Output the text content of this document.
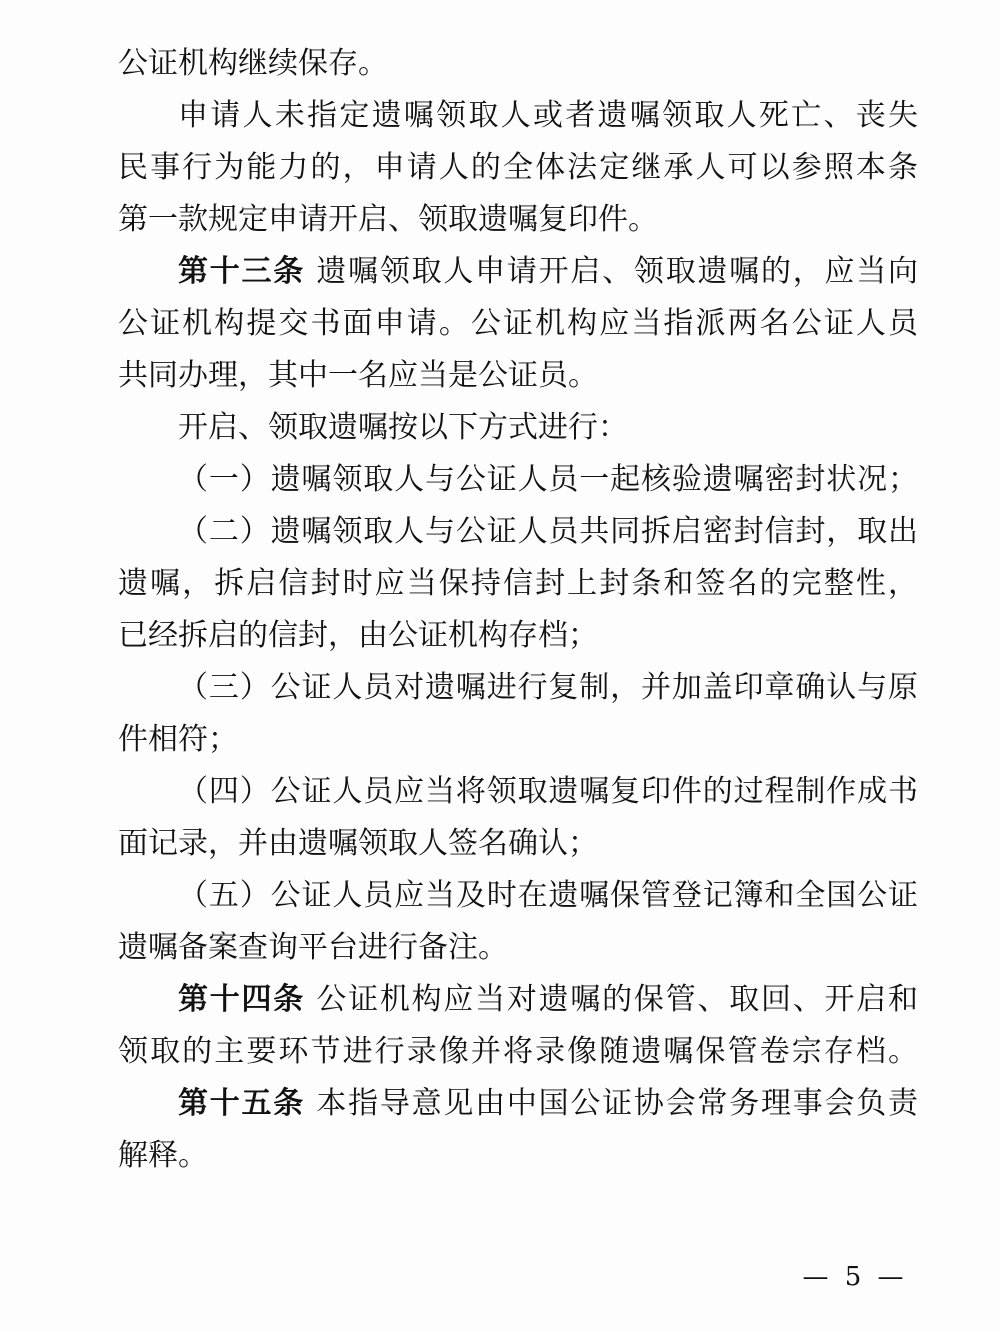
公证机构继续保存。
申请人未指定遗嘱领取人或者遗嘱领取人死亡、丧失
民事行为能力的，申请人的全体法定继承人可以参照本条
第一款规定申请开启、领取遗嘱复印件。
第十三条 遗嘱领取人申请开启、领取遗嘱的，应当向
公证机构提交书面申请。公证机构应当指派两名公证人员
共同办理，其中一名应当是公证员。
开启、领取遗嘱按以下方式进行：
（一）遗嘱领取人与公证人员一起核验遗嘱密封状况；
（二）遗嘱领取人与公证人员共同拆启密封信封，取出
遗嘱，拆启信封时应当保持信封上封条和签名的完整性，
已经拆启的信封，由公证机构存档；
（三）公证人员对遗嘱进行复制，并加盖印章确认与原
件相符；
（四）公证人员应当将领取遗嘱复印件的过程制作成书
面记录，并由遗嘱领取人签名确认；
（五）公证人员应当及时在遗嘱保管登记簿和全国公证
遗嘱备案查询平台进行备注。
第十四条 公证机构应当对遗嘱的保管、取回、开启和
领取的主要环节进行录像并将录像随遗嘱保管卷宗存档。
第十五条 本指导意见由中国公证协会常务理事会负责
解释。
— 5 —
